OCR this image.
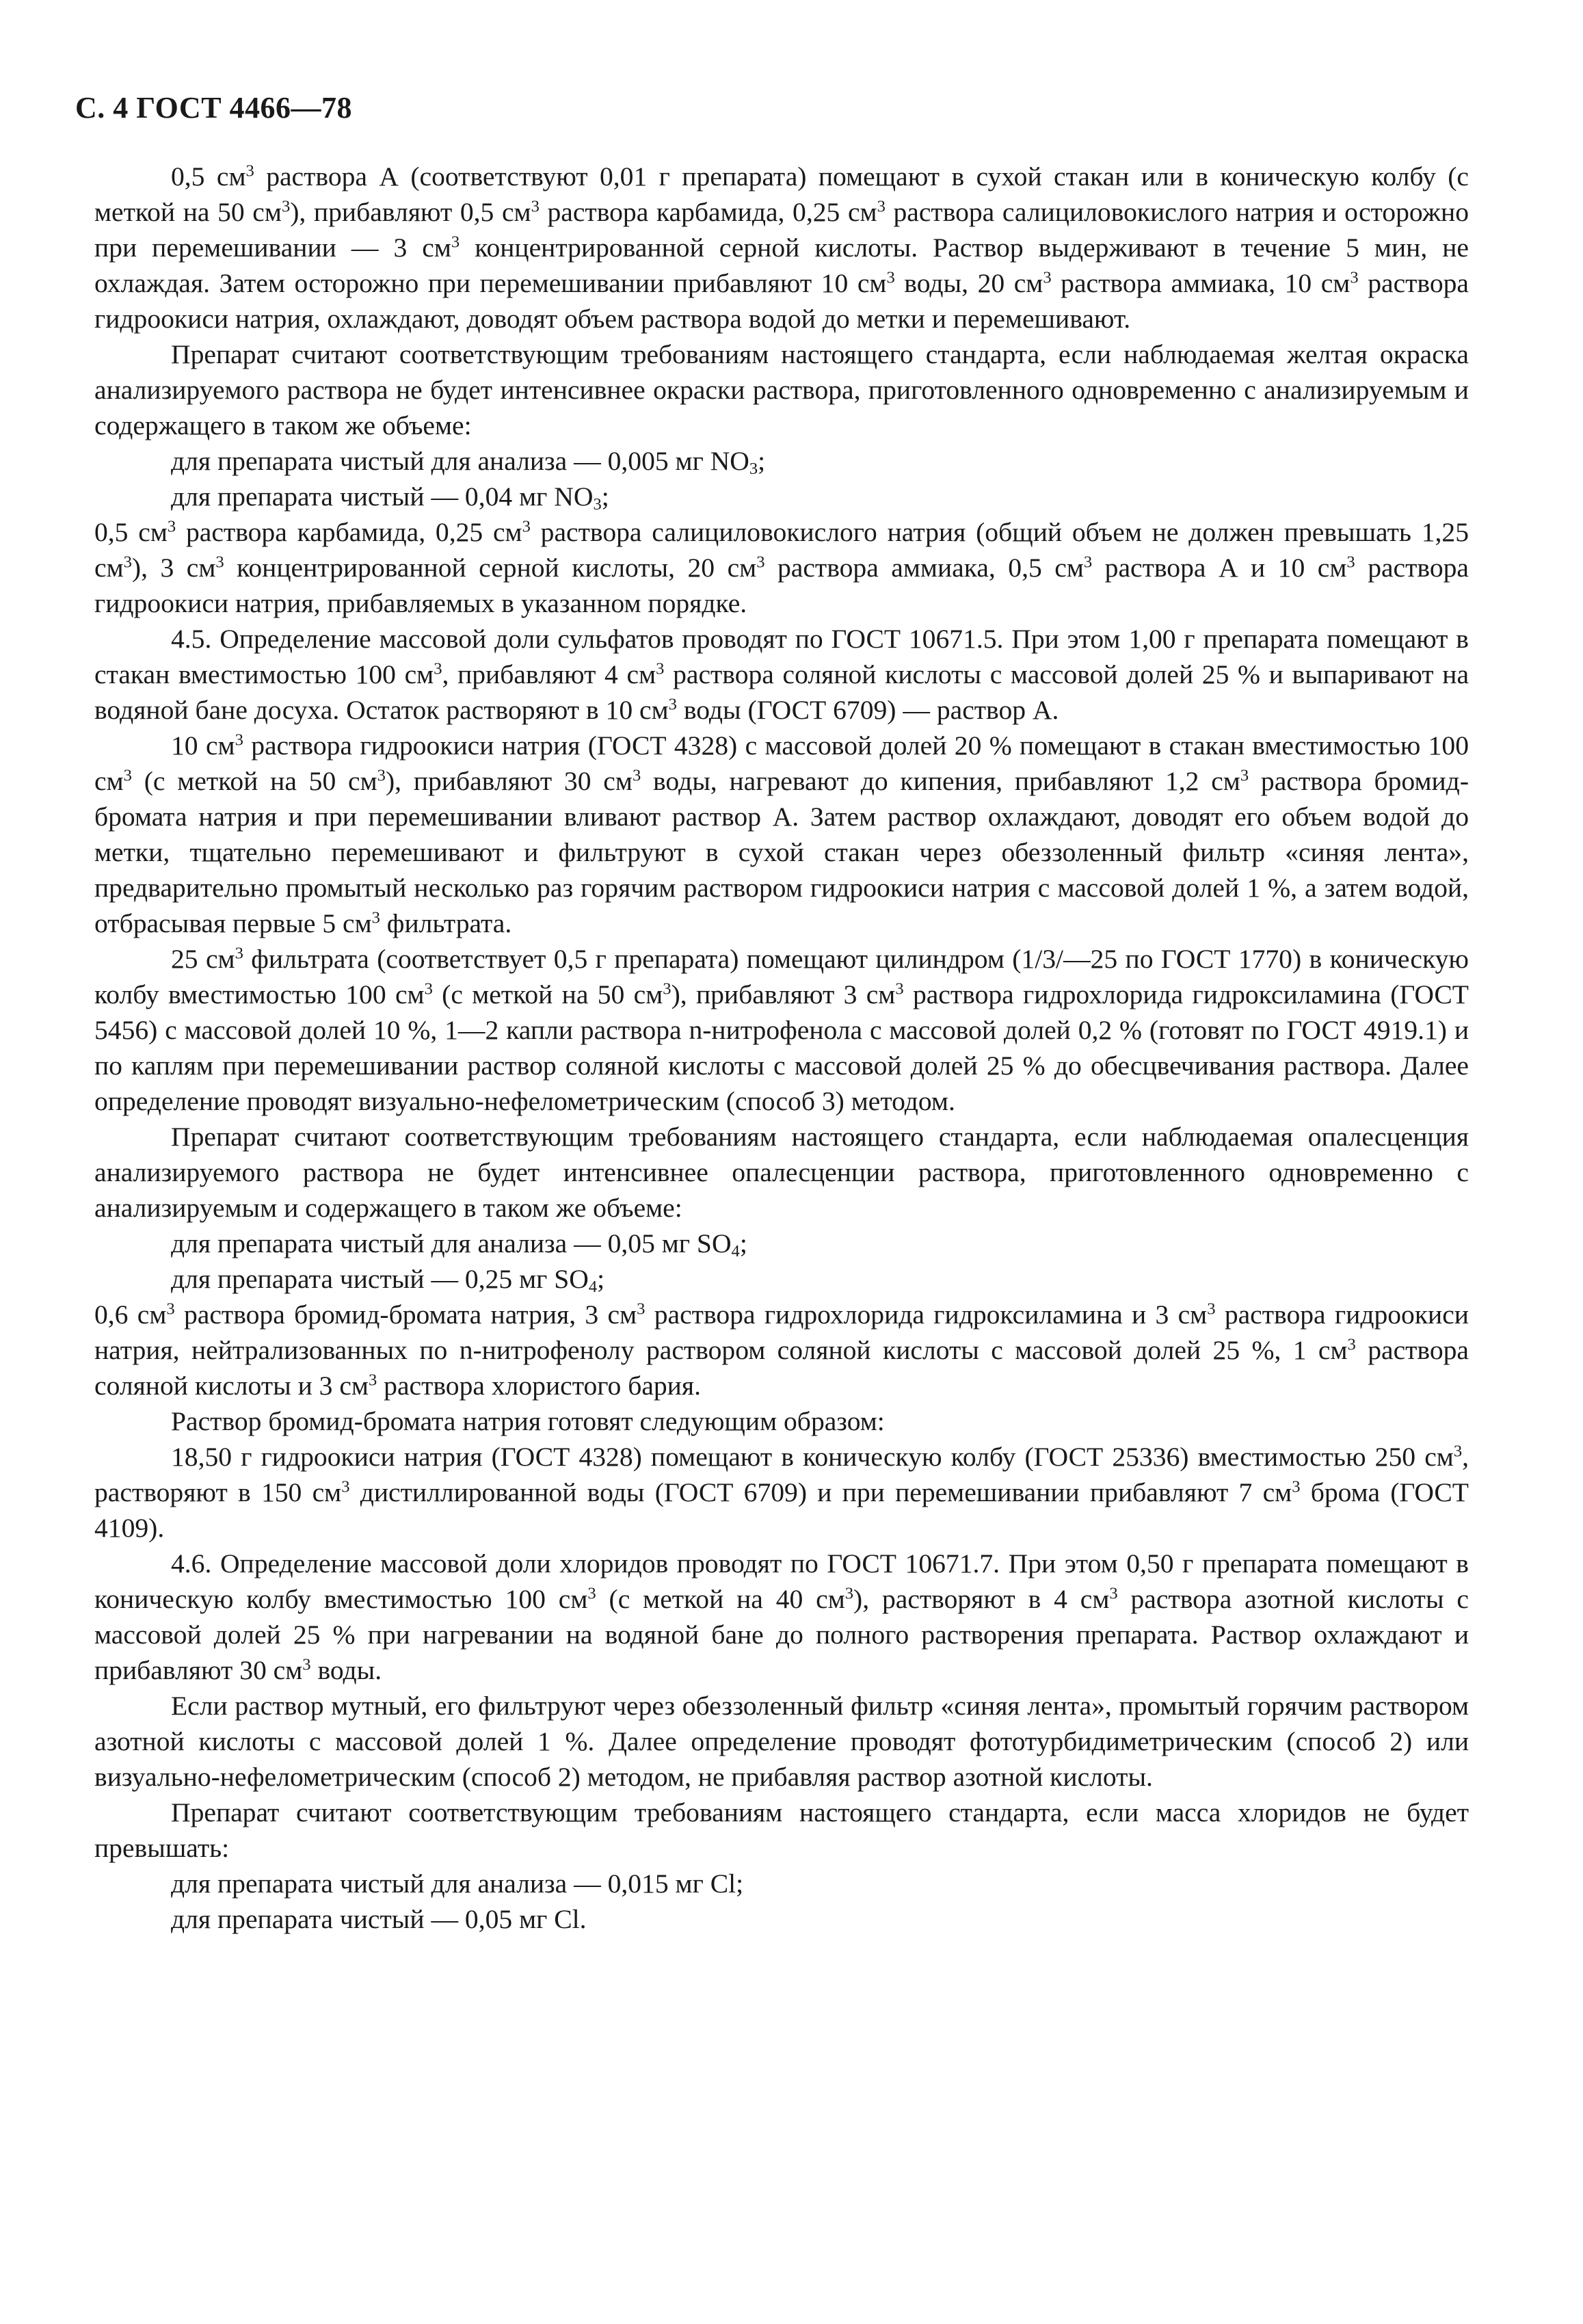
С. 4 ГОСТ 4466—78

0,5 $см^3$ раствора А (соответствуют 0,01 г препарата) помещают в сухой стакан или в коническую колбу (с меткой на 50 $см^3$), прибавляют 0,5 $см^3$ раствора карбамида, 0,25 $см^3$ раствора салициловокислого натрия и осторожно при перемешивании — 3 $см^3$ концентрированной серной кислоты. Раствор выдерживают в течение 5 мин, не охлаждая. Затем осторожно при перемешивании прибавляют 10 $см^3$ воды, 20 $см^3$ раствора аммиака, 10 $см^3$ раствора гидроокиси натрия, охлаждают, доводят объем раствора водой до метки и перемешивают.

Препарат считают соответствующим требованиям настоящего стандарта, если наблюдаемая желтая окраска анализируемого раствора не будет интенсивнее окраски раствора, приготовленного одновременно с анализируемым и содержащего в таком же объеме:

для препарата чистый для анализа — 0,005 мг $NO_3$;

для препарата чистый — 0,04 мг $NO_3$;

0,5 $см^3$ раствора карбамида, 0,25 $см^3$ раствора салициловокислого натрия (общий объем не должен превышать 1,25 $см^3$), 3 $см^3$ концентрированной серной кислоты, 20 $см^3$ раствора аммиака, 0,5 $см^3$ раствора А и 10 $см^3$ раствора гидроокиси натрия, прибавляемых в указанном порядке.

4.5. Определение массовой доли сульфатов проводят по ГОСТ 10671.5. При этом 1,00 г препарата помещают в стакан вместимостью 100 $см^3$, прибавляют 4 $см^3$ раствора соляной кислоты с массовой долей 25 % и выпаривают на водяной бане досуха. Остаток растворяют в 10 $см^3$ воды (ГОСТ 6709) — раствор А.

10 $см^3$ раствора гидроокиси натрия (ГОСТ 4328) с массовой долей 20 % помещают в стакан вместимостью 100 $см^3$ (с меткой на 50 $см^3$), прибавляют 30 $см^3$ воды, нагревают до кипения, прибавляют 1,2 $см^3$ раствора бромид-бромата натрия и при перемешивании вливают раствор А. Затем раствор охлаждают, доводят его объем водой до метки, тщательно перемешивают и фильтруют в сухой стакан через обеззоленный фильтр «синяя лента», предварительно промытый несколько раз горячим раствором гидроокиси натрия с массовой долей 1 %, а затем водой, отбрасывая первые 5 $см^3$ фильтрата.

25 $см^3$ фильтрата (соответствует 0,5 г препарата) помещают цилиндром (1/3/—25 по ГОСТ 1770) в коническую колбу вместимостью 100 $см^3$ (с меткой на 50 $см^3$), прибавляют 3 $см^3$ раствора гидрохлорида гидроксиламина (ГОСТ 5456) с массовой долей 10 %, 1—2 капли раствора n-нитрофенола с массовой долей 0,2 % (готовят по ГОСТ 4919.1) и по каплям при перемешивании раствор соляной кислоты с массовой долей 25 % до обесцвечивания раствора. Далее определение проводят визуально-нефелометрическим (способ 3) методом.

Препарат считают соответствующим требованиям настоящего стандарта, если наблюдаемая опалесценция анализируемого раствора не будет интенсивнее опалесценции раствора, приготовленного одновременно с анализируемым и содержащего в таком же объеме:

для препарата чистый для анализа — 0,05 мг $SO_4$;

для препарата чистый — 0,25 мг $SO_4$;

0,6 $см^3$ раствора бромид-бромата натрия, 3 $см^3$ раствора гидрохлорида гидроксиламина и 3 $см^3$ раствора гидроокиси натрия, нейтрализованных по n-нитрофенолу раствором соляной кислоты с массовой долей 25 %, 1 $см^3$ раствора соляной кислоты и 3 $см^3$ раствора хлористого бария.

Раствор бромид-бромата натрия готовят следующим образом:

18,50 г гидроокиси натрия (ГОСТ 4328) помещают в коническую колбу (ГОСТ 25336) вместимостью 250 $см^3$, растворяют в 150 $см^3$ дистиллированной воды (ГОСТ 6709) и при перемешивании прибавляют 7 $см^3$ брома (ГОСТ 4109).

4.6. Определение массовой доли хлоридов проводят по ГОСТ 10671.7. При этом 0,50 г препарата помещают в коническую колбу вместимостью 100 $см^3$ (с меткой на 40 $см^3$), растворяют в 4 $см^3$ раствора азотной кислоты с массовой долей 25 % при нагревании на водяной бане до полного растворения препарата. Раствор охлаждают и прибавляют 30 $см^3$ воды.

Если раствор мутный, его фильтруют через обеззоленный фильтр «синяя лента», промытый горячим раствором азотной кислоты с массовой долей 1 %. Далее определение проводят фототурбидиметрическим (способ 2) или визуально-нефелометрическим (способ 2) методом, не прибавляя раствор азотной кислоты.

Препарат считают соответствующим требованиям настоящего стандарта, если масса хлоридов не будет превышать:

для препарата чистый для анализа — 0,015 мг Cl;

для препарата чистый — 0,05 мг Cl.
